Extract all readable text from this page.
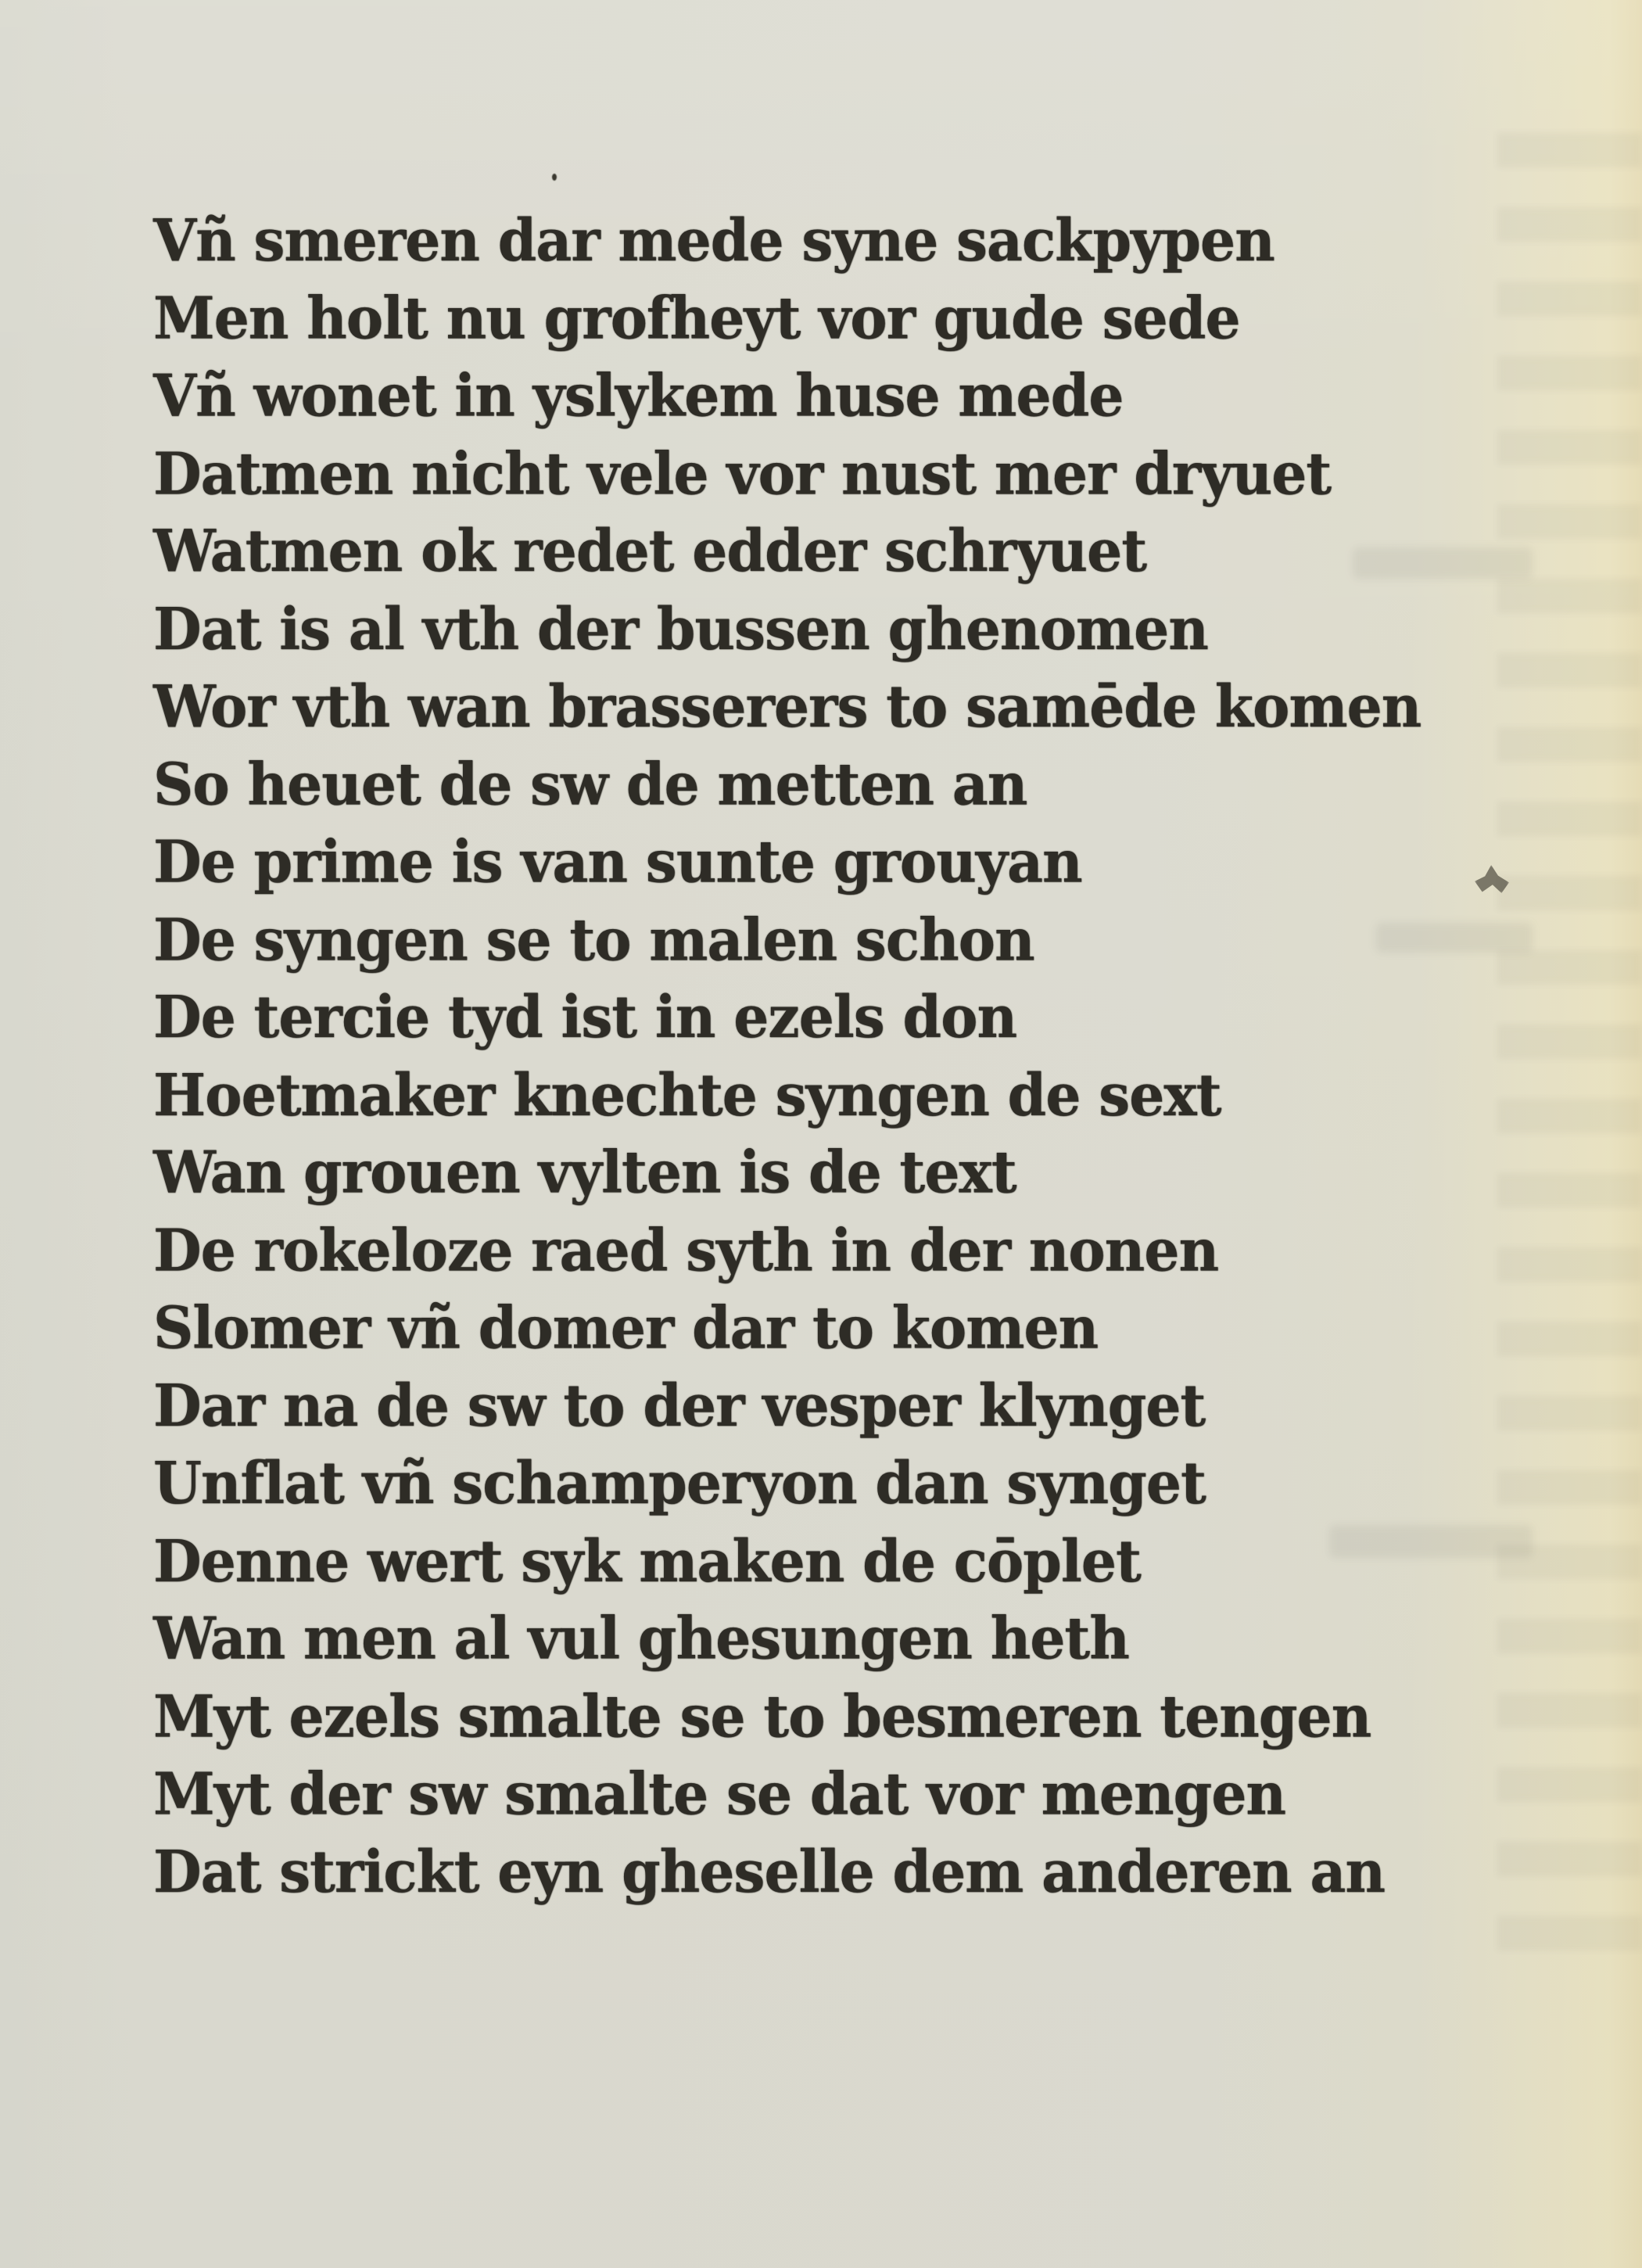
Vñ smeren dar mede syne sackpypen

Men holt nu grofheyt vor gude sede

Vñ wonet in yslykem huse mede

Datmen nicht vele vor nust mer dryuet

Watmen ok redet edder schryuet

Dat is al vth der bussen ghenomen

Wor vth wan brasserers to samēde komen

So heuet de sw de metten an

De prime is van sunte grouyan

De syngen se to malen schon

De tercie tyd ist in ezels don

Hoetmaker knechte syngen de sext

Wan grouen vylten is de text

De rokeloze raed syth in der nonen

Slomer vñ domer dar to komen

Dar na de sw to der vesper klynget

Unflat vñ schamperyon dan synget

Denne wert syk maken de cōplet

Wan men al vul ghesungen heth

Myt ezels smalte se to besmeren tengen

Myt der sw smalte se dat vor mengen

Dat strickt eyn gheselle dem anderen an
